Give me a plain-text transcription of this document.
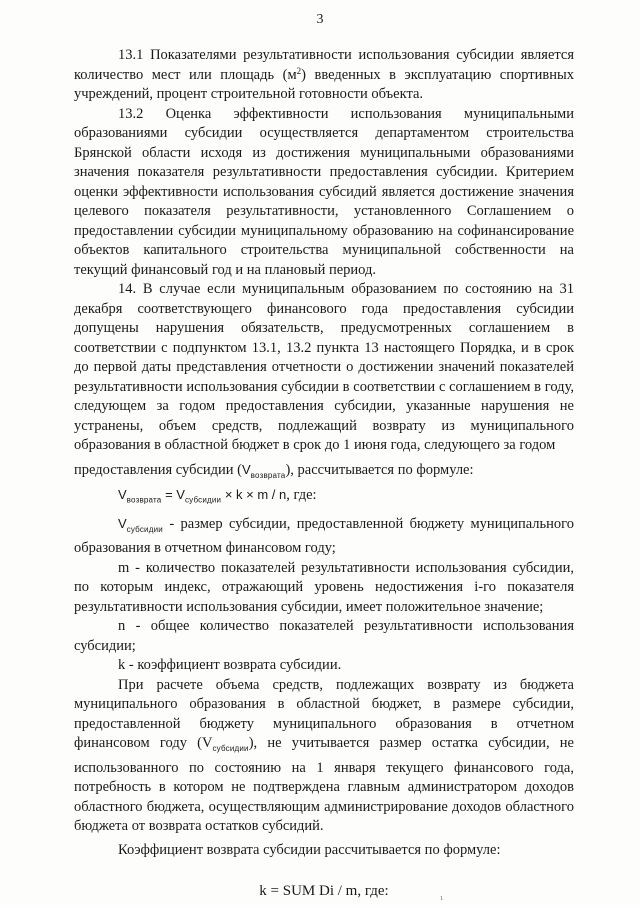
3

13.1 Показателями результативности использования субсидии является количество мест или площадь $(м^2)$ введенных в эксплуатацию спортивных учреждений, процент строительной готовности объекта.

13.2 Оценка эффективности использования муниципальными образованиями субсидии осуществляется департаментом строительства Брянской области исходя из достижения муниципальными образованиями значения показателя результативности предоставления субсидии. Критерием оценки эффективности использования субсидий является достижение значения целевого показателя результативности, установленного Соглашением о предоставлении субсидии муниципальному образованию на софинансирование объектов капитального строительства муниципальной собственности на текущий финансовый год и на плановый период.

14. В случае если муниципальным образованием по состоянию на 31 декабря соответствующего финансового года предоставления субсидии допущены нарушения обязательств, предусмотренных соглашением в соответствии с подпунктом 13.1, 13.2 пункта 13 настоящего Порядка, и в срок до первой даты представления отчетности о достижении значений показателей результативности использования субсидии в соответствии с соглашением в году, следующем за годом предоставления субсидии, указанные нарушения не устранены, объем средств, подлежащий возврату из муниципального образования в областной бюджет в срок до 1 июня года, следующего за годом

предоставления субсидии $(V_{возврата})$, рассчитывается по формуле:

$V_{возврата} = V_{субсидии} \times k \times m / n$, где:

$V_{субсидии}$ - размер субсидии, предоставленной бюджету муниципального образования в отчетном финансовом году;

m - количество показателей результативности использования субсидии, по которым индекс, отражающий уровень недостижения i-го показателя результативности использования субсидии, имеет положительное значение;

n - общее количество показателей результативности использования субсидии;

k - коэффициент возврата субсидии.

При расчете объема средств, подлежащих возврату из бюджета муниципального образования в областной бюджет, в размере субсидии, предоставленной бюджету муниципального образования в отчетном финансовом году $(V_{субсидии})$, не учитывается размер остатка субсидии, не использованного по состоянию на 1 января текущего финансового года, потребность в котором не подтверждена главным администратором доходов областного бюджета, осуществляющим администрирование доходов областного бюджета от возврата остатков субсидий.

Коэффициент возврата субсидии рассчитывается по формуле:

k = SUM Di / m, где:	₁
